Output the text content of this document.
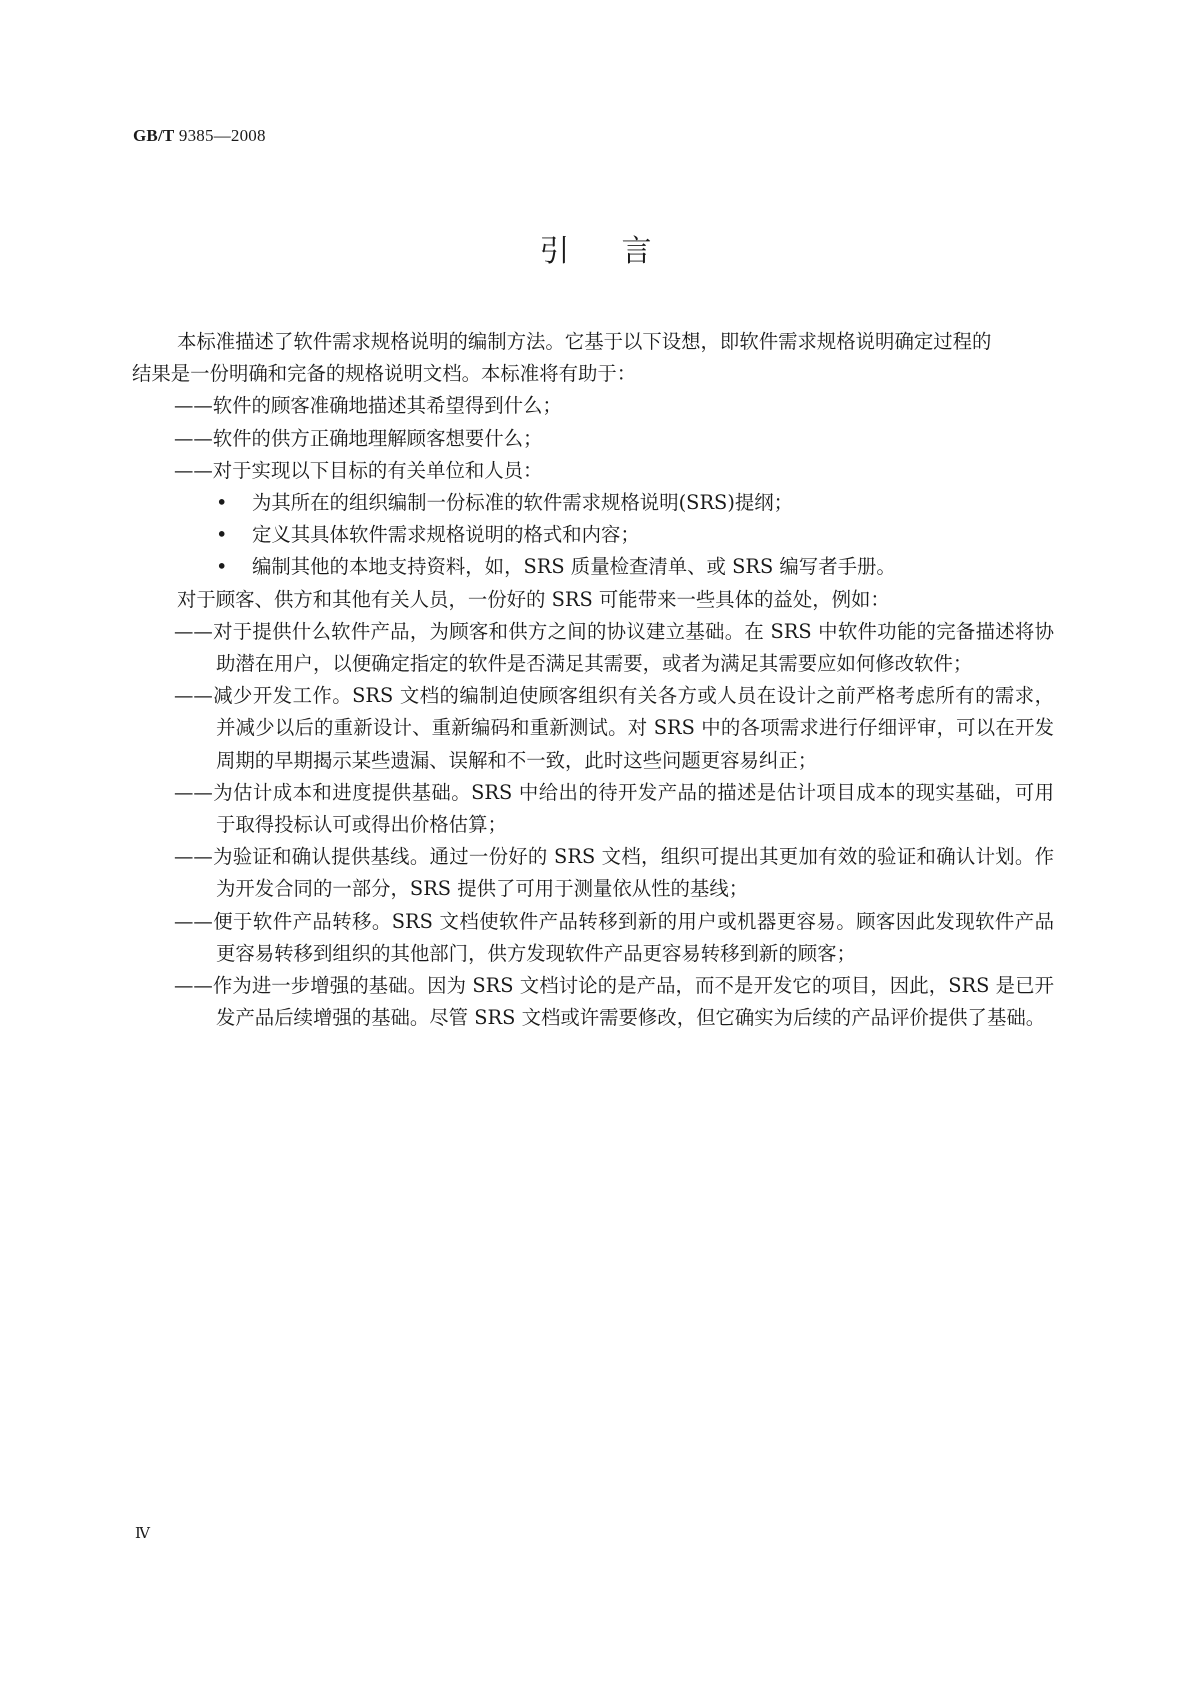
GB/T 9385—2008
引言

本标准描述了软件需求规格说明的编制方法。它基于以下设想，即软件需求规格说明确定过程的

结果是一份明确和完备的规格说明文档。本标准将有助于：

——软件的顾客准确地描述其希望得到什么；

——软件的供方正确地理解顾客想要什么；

——对于实现以下目标的有关单位和人员：

• 为其所在的组织编制一份标准的软件需求规格说明(SRS)提纲；

• 定义其具体软件需求规格说明的格式和内容；

• 编制其他的本地支持资料，如，SRS 质量检查清单、或 SRS 编写者手册。

对于顾客、供方和其他有关人员，一份好的 SRS 可能带来一些具体的益处，例如：

——对于提供什么软件产品，为顾客和供方之间的协议建立基础。在 SRS 中软件功能的完备描述将协助潜在用户，以便确定指定的软件是否满足其需要，或者为满足其需要应如何修改软件；

——减少开发工作。SRS 文档的编制迫使顾客组织有关各方或人员在设计之前严格考虑所有的需求，并减少以后的重新设计、重新编码和重新测试。对 SRS 中的各项需求进行仔细评审，可以在开发周期的早期揭示某些遗漏、误解和不一致，此时这些问题更容易纠正；

——为估计成本和进度提供基础。SRS 中给出的待开发产品的描述是估计项目成本的现实基础，可用于取得投标认可或得出价格估算；

——为验证和确认提供基线。通过一份好的 SRS 文档，组织可提出其更加有效的验证和确认计划。作为开发合同的一部分，SRS 提供了可用于测量依从性的基线；

——便于软件产品转移。SRS 文档使软件产品转移到新的用户或机器更容易。顾客因此发现软件产品更容易转移到组织的其他部门，供方发现软件产品更容易转移到新的顾客；

——作为进一步增强的基础。因为 SRS 文档讨论的是产品，而不是开发它的项目，因此，SRS 是已开发产品后续增强的基础。尽管 SRS 文档或许需要修改，但它确实为后续的产品评价提供了基础。

Ⅳ
